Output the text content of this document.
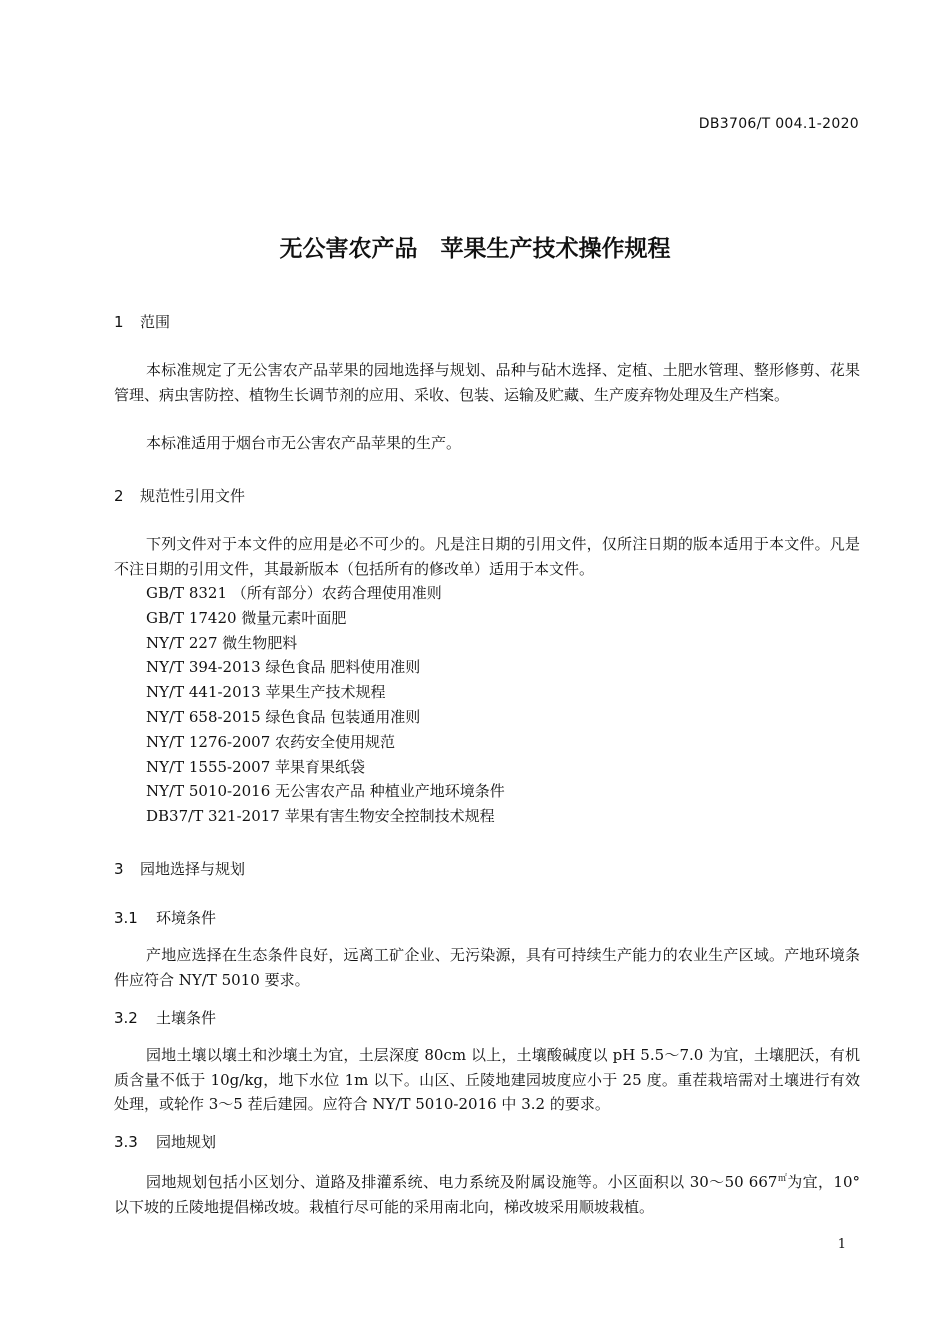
DB3706/T 004.1-2020
无公害农产品　苹果生产技术操作规程
1 范围

本标准规定了无公害农产品苹果的园地选择与规划、品种与砧木选择、定植、土肥水管理、整形修剪、花果管理、病虫害防控、植物生长调节剂的应用、采收、包装、运输及贮藏、生产废弃物处理及生产档案。

本标准适用于烟台市无公害农产品苹果的生产。

2 规范性引用文件

下列文件对于本文件的应用是必不可少的。凡是注日期的引用文件，仅所注日期的版本适用于本文件。凡是不注日期的引用文件，其最新版本（包括所有的修改单）适用于本文件。

GB/T 8321 （所有部分）农药合理使用准则
GB/T 17420 微量元素叶面肥
NY/T 227 微生物肥料
NY/T 394-2013 绿色食品 肥料使用准则
NY/T 441-2013 苹果生产技术规程
NY/T 658-2015 绿色食品 包装通用准则
NY/T 1276-2007 农药安全使用规范
NY/T 1555-2007 苹果育果纸袋
NY/T 5010-2016 无公害农产品 种植业产地环境条件
DB37/T 321-2017 苹果有害生物安全控制技术规程
3 园地选择与规划
3.1 环境条件

产地应选择在生态条件良好，远离工矿企业、无污染源，具有可持续生产能力的农业生产区域。产地环境条件应符合 NY/T 5010 要求。

3.2 土壤条件

园地土壤以壤土和沙壤土为宜，土层深度 80cm 以上，土壤酸碱度以 pH 5.5～7.0 为宜，土壤肥沃，有机质含量不低于 10g/kg，地下水位 1m 以下。山区、丘陵地建园坡度应小于 25 度。重茬栽培需对土壤进行有效处理，或轮作 3～5 茬后建园。应符合 NY/T 5010-2016 中 3.2 的要求。

3.3 园地规划

园地规划包括小区划分、道路及排灌系统、电力系统及附属设施等。小区面积以 30～50 667㎡为宜，10° 以下坡的丘陵地提倡梯改坡。栽植行尽可能的采用南北向，梯改坡采用顺坡栽植。

1
